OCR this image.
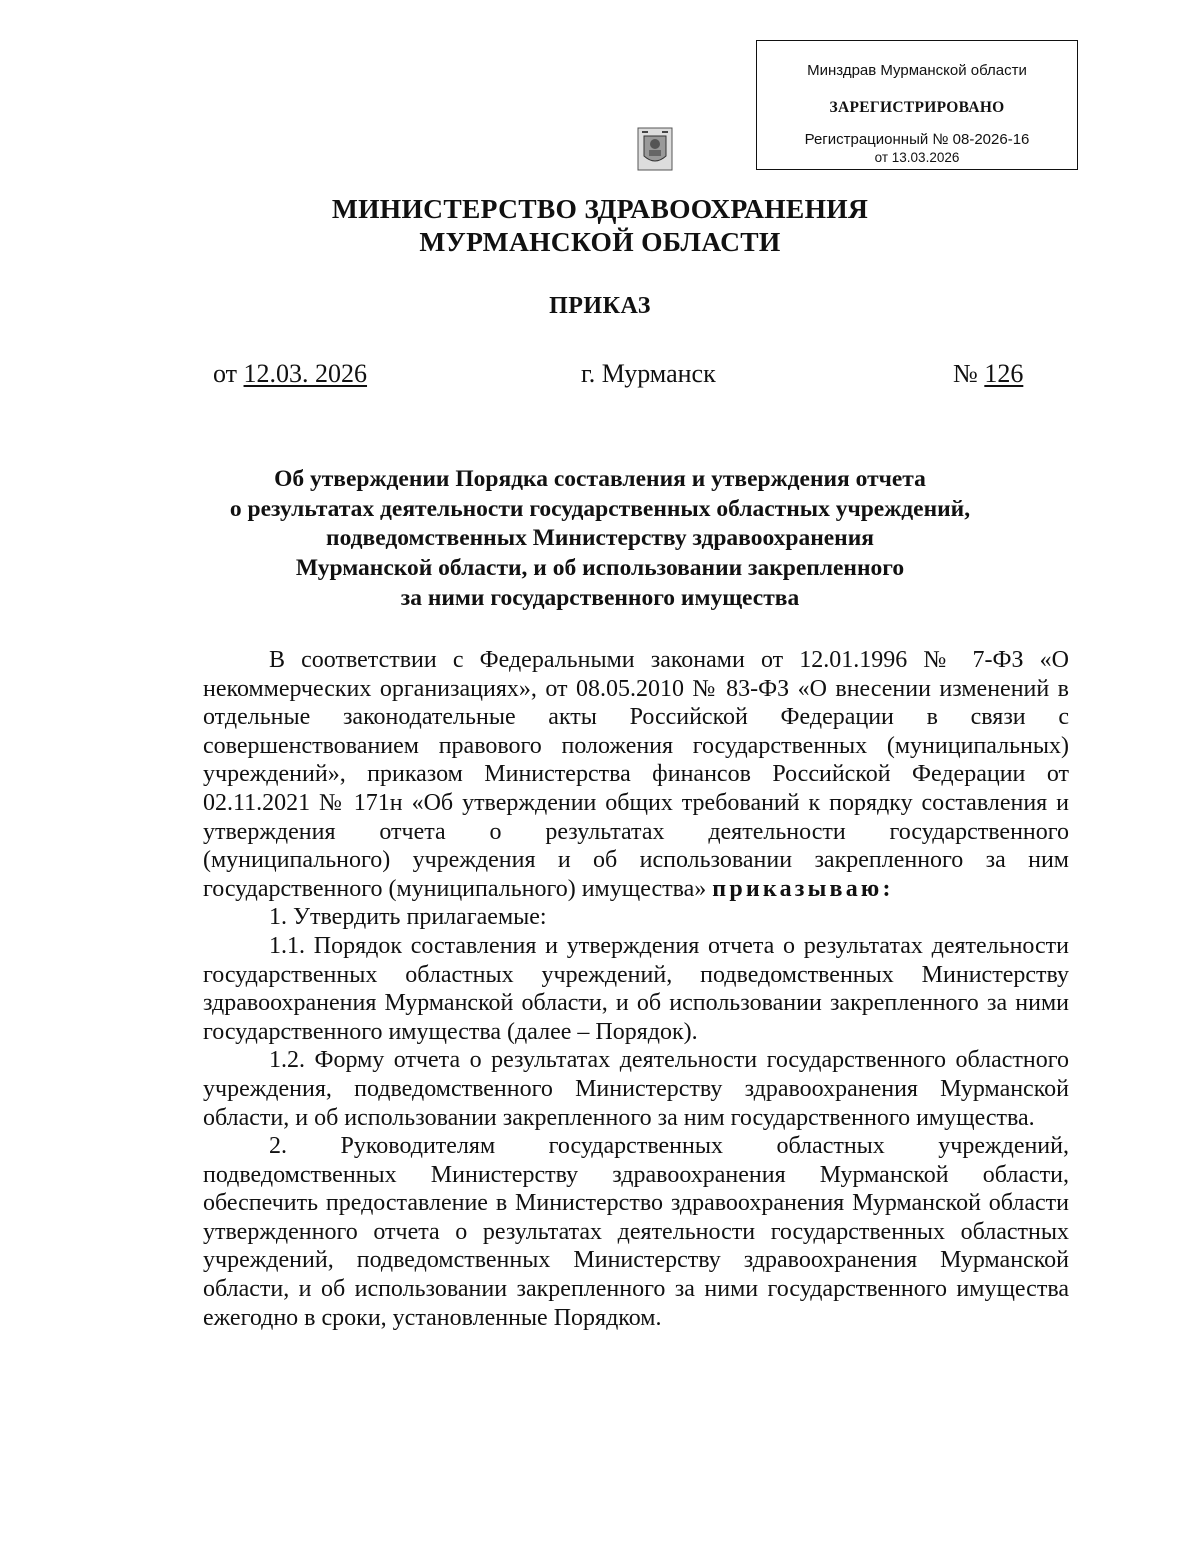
Минздрав Мурманской области
ЗАРЕГИСТРИРОВАНО
Регистрационный № 08-2026-16
от 13.03.2026
МИНИСТЕРСТВО ЗДРАВООХРАНЕНИЯ
МУРМАНСКОЙ ОБЛАСТИ
ПРИКАЗ
от 12.03. 2026	г. Мурманск	№ 126
Об утверждении Порядка составления и утверждения отчета
о результатах деятельности государственных областных учреждений,
подведомственных Министерству здравоохранения
Мурманской области, и об использовании закрепленного
за ними государственного имущества

В соответствии с Федеральными законами от 12.01.1996 № 7-ФЗ «О некоммерческих организациях», от 08.05.2010 № 83-ФЗ «О внесении изменений в отдельные законодательные акты Российской Федерации в связи с совершенствованием правового положения государственных (муниципальных) учреждений», приказом Министерства финансов Российской Федерации от 02.11.2021 № 171н «Об утверждении общих требований к порядку составления и утверждения отчета о результатах деятельности государственного (муниципального) учреждения и об использовании закрепленного за ним государственного (муниципального) имущества» приказываю:

1. Утвердить прилагаемые:

1.1. Порядок составления и утверждения отчета о результатах деятельности государственных областных учреждений, подведомственных Министерству здравоохранения Мурманской области, и об использовании закрепленного за ними государственного имущества (далее – Порядок).

1.2. Форму отчета о результатах деятельности государственного областного учреждения, подведомственного Министерству здравоохранения Мурманской области, и об использовании закрепленного за ним государственного имущества.

2. Руководителям государственных областных учреждений, подведомственных Министерству здравоохранения Мурманской области, обеспечить предоставление в Министерство здравоохранения Мурманской области утвержденного отчета о результатах деятельности государственных областных учреждений, подведомственных Министерству здравоохранения Мурманской области, и об использовании закрепленного за ними государственного имущества ежегодно в сроки, установленные Порядком.
